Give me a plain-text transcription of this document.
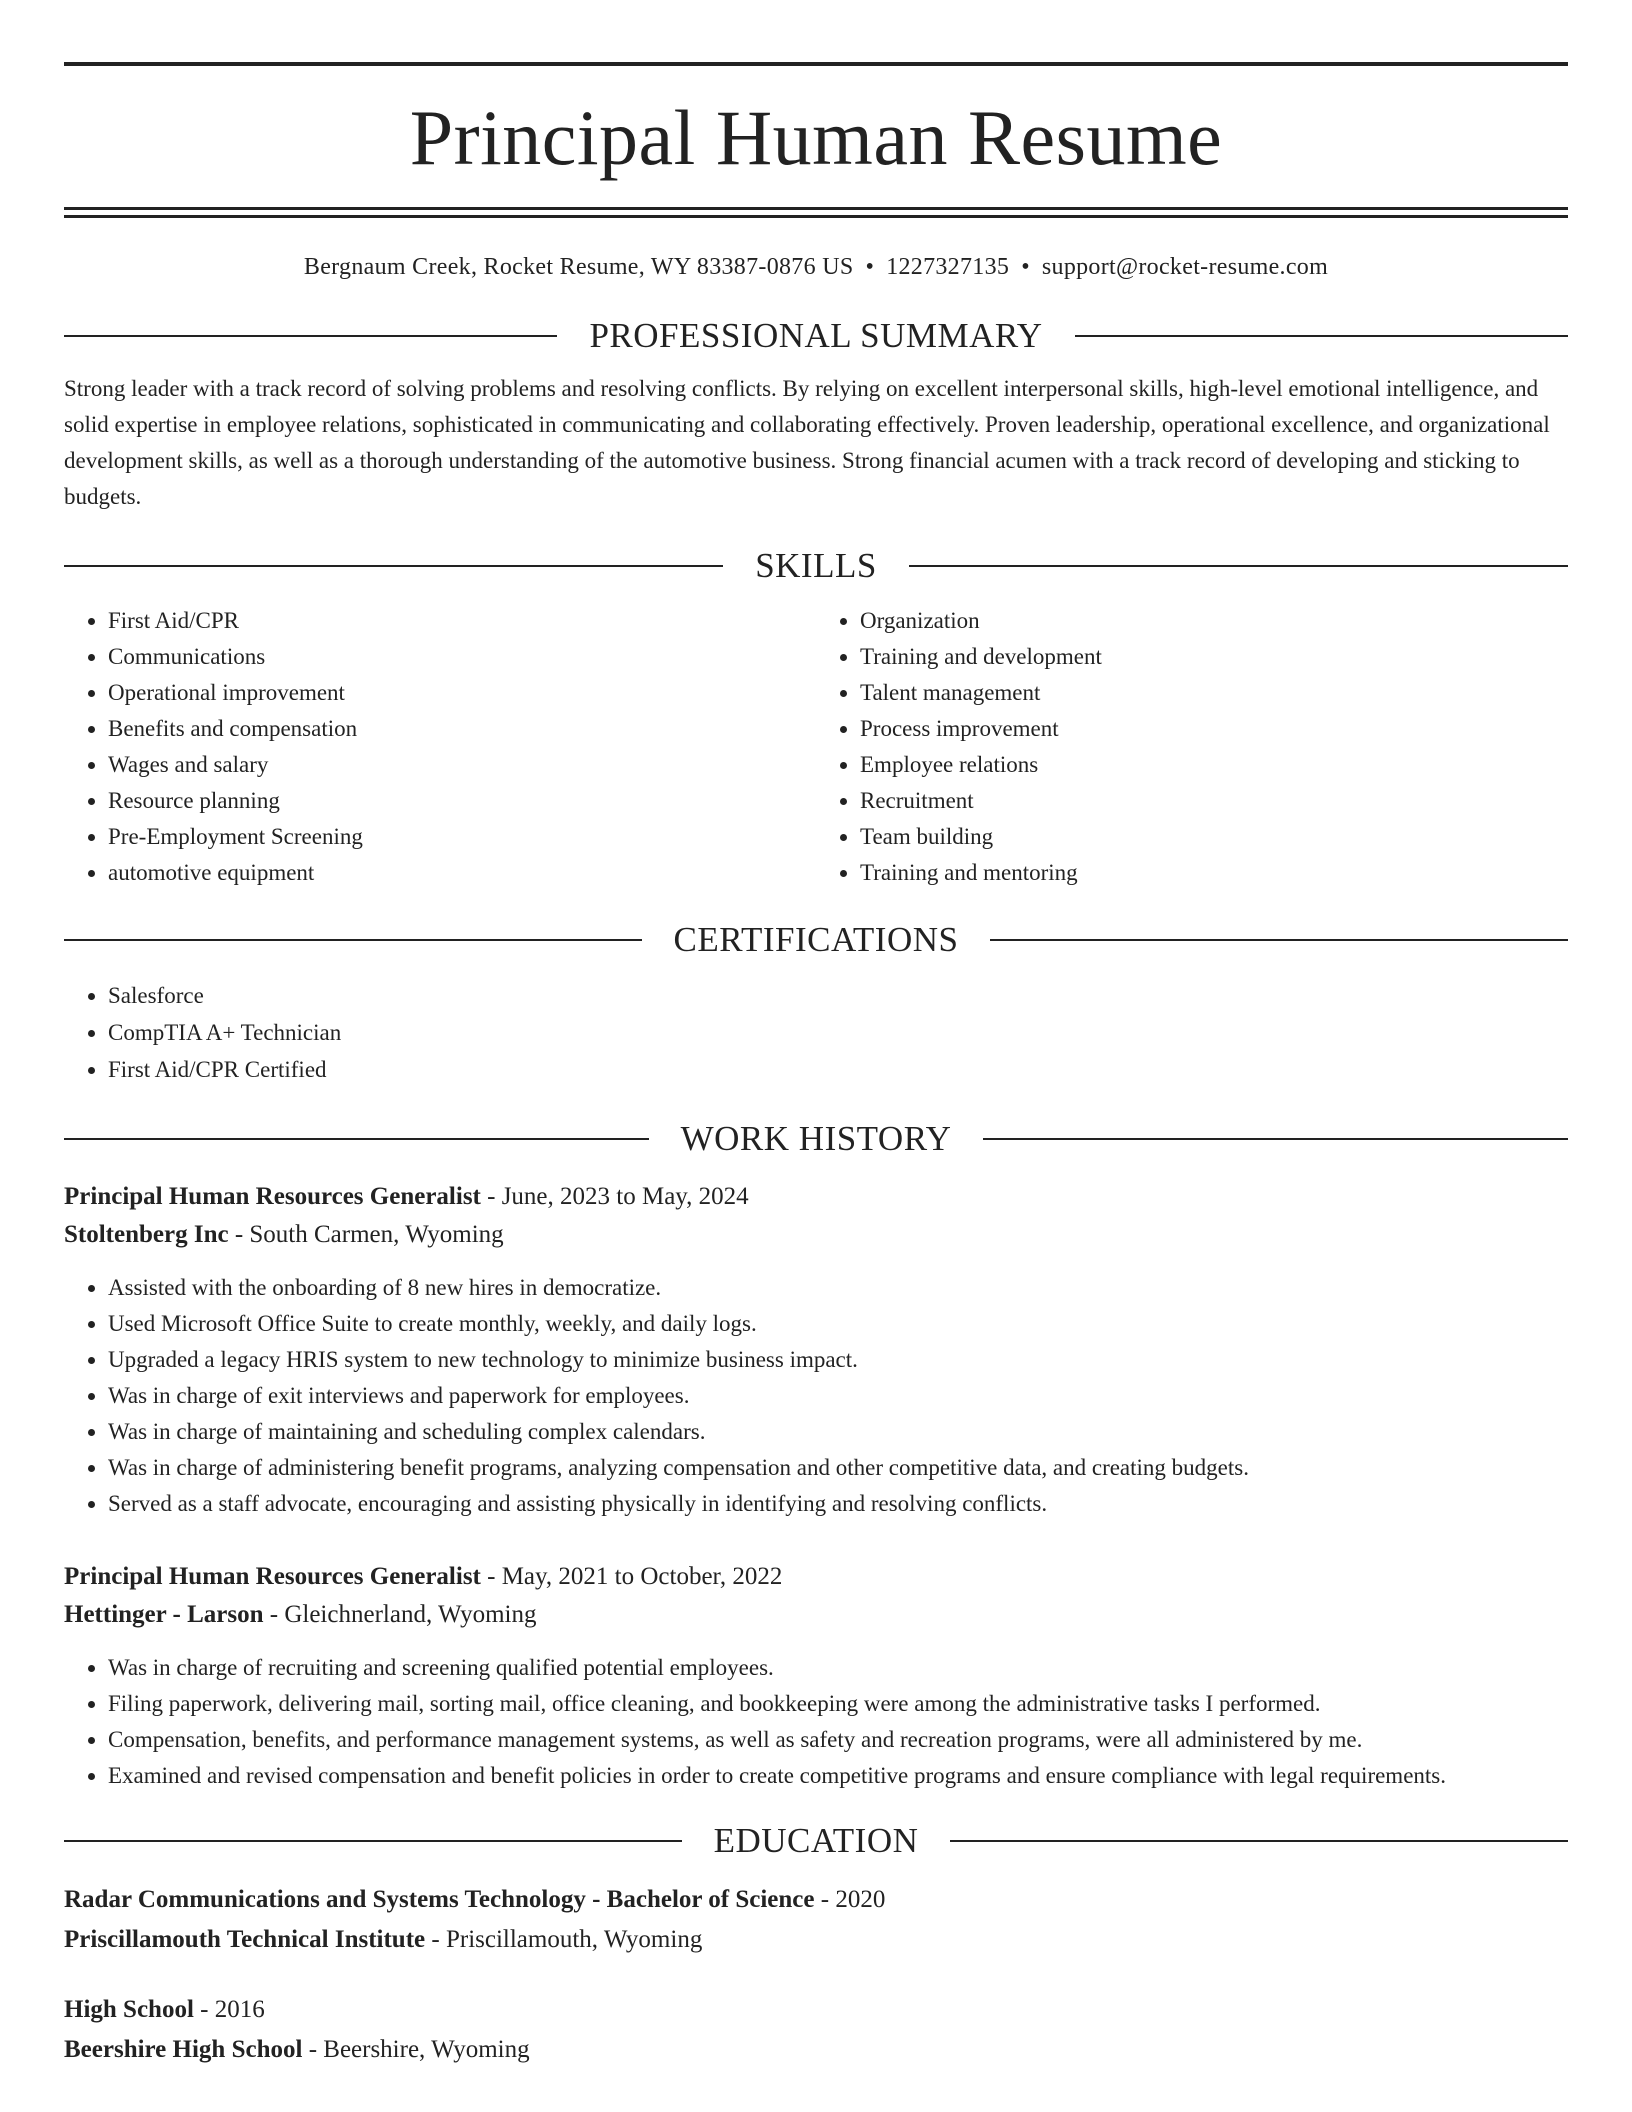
Principal Human Resume
Bergnaum Creek, Rocket Resume, WY 83387-0876 US • 1227327135 • support@rocket-resume.com
PROFESSIONAL SUMMARY
Strong leader with a track record of solving problems and resolving conflicts. By relying on excellent interpersonal skills, high-level emotional intelligence, and solid expertise in employee relations, sophisticated in communicating and collaborating effectively. Proven leadership, operational excellence, and organizational development skills, as well as a thorough understanding of the automotive business. Strong financial acumen with a track record of developing and sticking to budgets.
SKILLS
• First Aid/CPR
• Communications
• Operational improvement
• Benefits and compensation
• Wages and salary
• Resource planning
• Pre-Employment Screening
• automotive equipment
• Organization
• Training and development
• Talent management
• Process improvement
• Employee relations
• Recruitment
• Team building
• Training and mentoring
CERTIFICATIONS
• Salesforce
• CompTIA A+ Technician
• First Aid/CPR Certified
WORK HISTORY
Principal Human Resources Generalist - June, 2023 to May, 2024
Stoltenberg Inc - South Carmen, Wyoming
• Assisted with the onboarding of 8 new hires in democratize.
• Used Microsoft Office Suite to create monthly, weekly, and daily logs.
• Upgraded a legacy HRIS system to new technology to minimize business impact.
• Was in charge of exit interviews and paperwork for employees.
• Was in charge of maintaining and scheduling complex calendars.
• Was in charge of administering benefit programs, analyzing compensation and other competitive data, and creating budgets.
• Served as a staff advocate, encouraging and assisting physically in identifying and resolving conflicts.
Principal Human Resources Generalist - May, 2021 to October, 2022
Hettinger - Larson - Gleichnerland, Wyoming
• Was in charge of recruiting and screening qualified potential employees.
• Filing paperwork, delivering mail, sorting mail, office cleaning, and bookkeeping were among the administrative tasks I performed.
• Compensation, benefits, and performance management systems, as well as safety and recreation programs, were all administered by me.
• Examined and revised compensation and benefit policies in order to create competitive programs and ensure compliance with legal requirements.
EDUCATION
Radar Communications and Systems Technology - Bachelor of Science - 2020
Priscillamouth Technical Institute - Priscillamouth, Wyoming
High School - 2016
Beershire High School - Beershire, Wyoming
